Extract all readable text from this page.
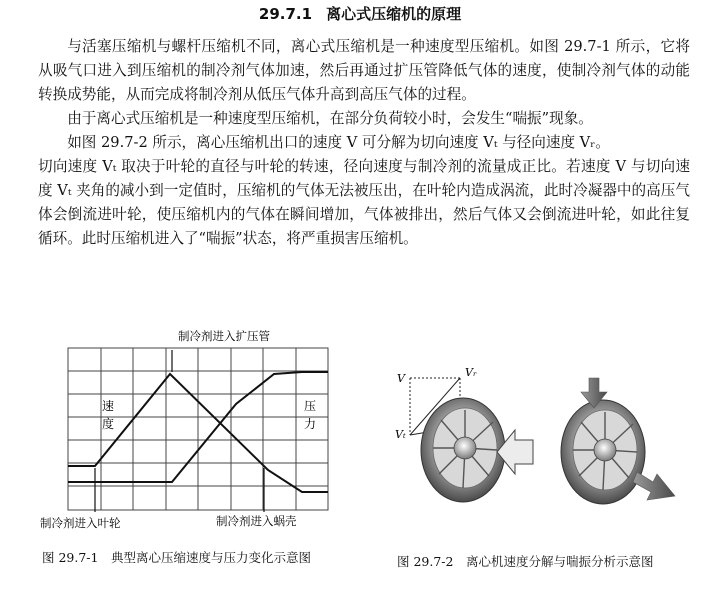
29.7.1 离心式压缩机的原理

与活塞压缩机与螺杆压缩机不同，离心式压缩机是一种速度型压缩机。如图 29.7-1 所示，它将从吸气口进入到压缩机的制冷剂气体加速，然后再通过扩压管降低气体的速度，使制冷剂气体的动能转换成势能，从而完成将制冷剂从低压气体升高到高压气体的过程。

由于离心式压缩机是一种速度型压缩机，在部分负荷较小时，会发生“喘振”现象。

如图 29.7-2 所示，离心压缩机出口的速度 V 可分解为切向速度 Vₜ 与径向速度 Vᵣ。

切向速度 Vₜ 取决于叶轮的直径与叶轮的转速，径向速度与制冷剂的流量成正比。若速度 V 与切向速度 Vₜ 夹角的减小到一定值时，压缩机的气体无法被压出，在叶轮内造成涡流，此时冷凝器中的高压气体会倒流进叶轮，使压缩机内的气体在瞬间增加，气体被排出，然后气体又会倒流进叶轮，如此往复循环。此时压缩机进入了“喘振”状态，将严重损害压缩机。

制冷剂进入扩压管
速
度
压
力
制冷剂进入叶轮	制冷剂进入蜗壳
V	Vᵣ
Vₜ
图 29.7-1　典型离心压缩速度与压力变化示意图	图 29.7-2　离心机速度分解与喘振分析示意图
